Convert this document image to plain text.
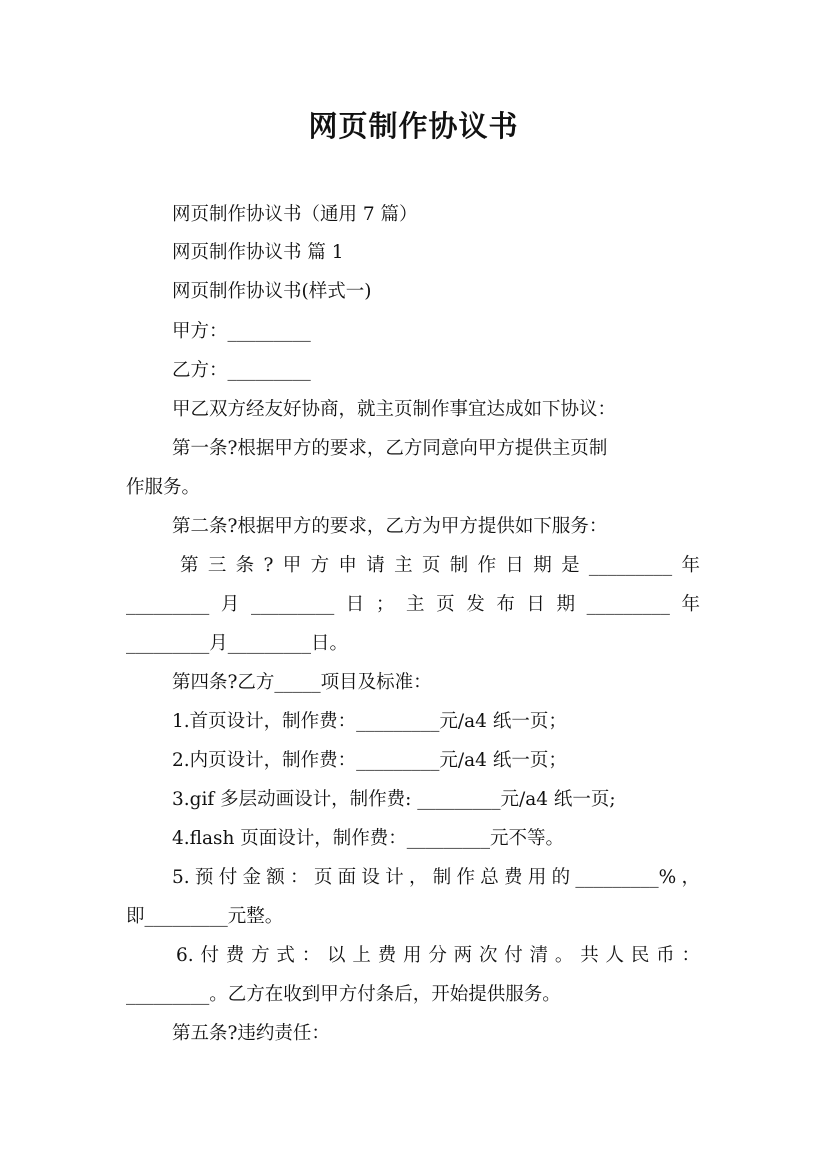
网页制作协议书
网页制作协议书（通用 7 篇）
网页制作协议书 篇 1
网页制作协议书(样式一)
甲方：_________
乙方：_________
甲乙双方经友好协商，就主页制作事宜达成如下协议：
第一条?根据甲方的要求，乙方同意向甲方提供主页制
作服务。
第二条?根据甲方的要求，乙方为甲方提供如下服务：
第三条?甲方申请主页制作日期是_________年
_________月_________日；主页发布日期_________年
_________月_________日。
第四条?乙方_____项目及标准：
1.首页设计，制作费：_________元/a4 纸一页；
2.内页设计，制作费：_________元/a4 纸一页；
3.gif 多层动画设计，制作费: _________元/a4 纸一页;
4.flash 页面设计，制作费：_________元不等。
5.预付金额：页面设计，制作总费用的_________%，
即_________元整。
6.付费方式：以上费用分两次付清。共人民币：
_________。乙方在收到甲方付条后，开始提供服务。
第五条?违约责任：
